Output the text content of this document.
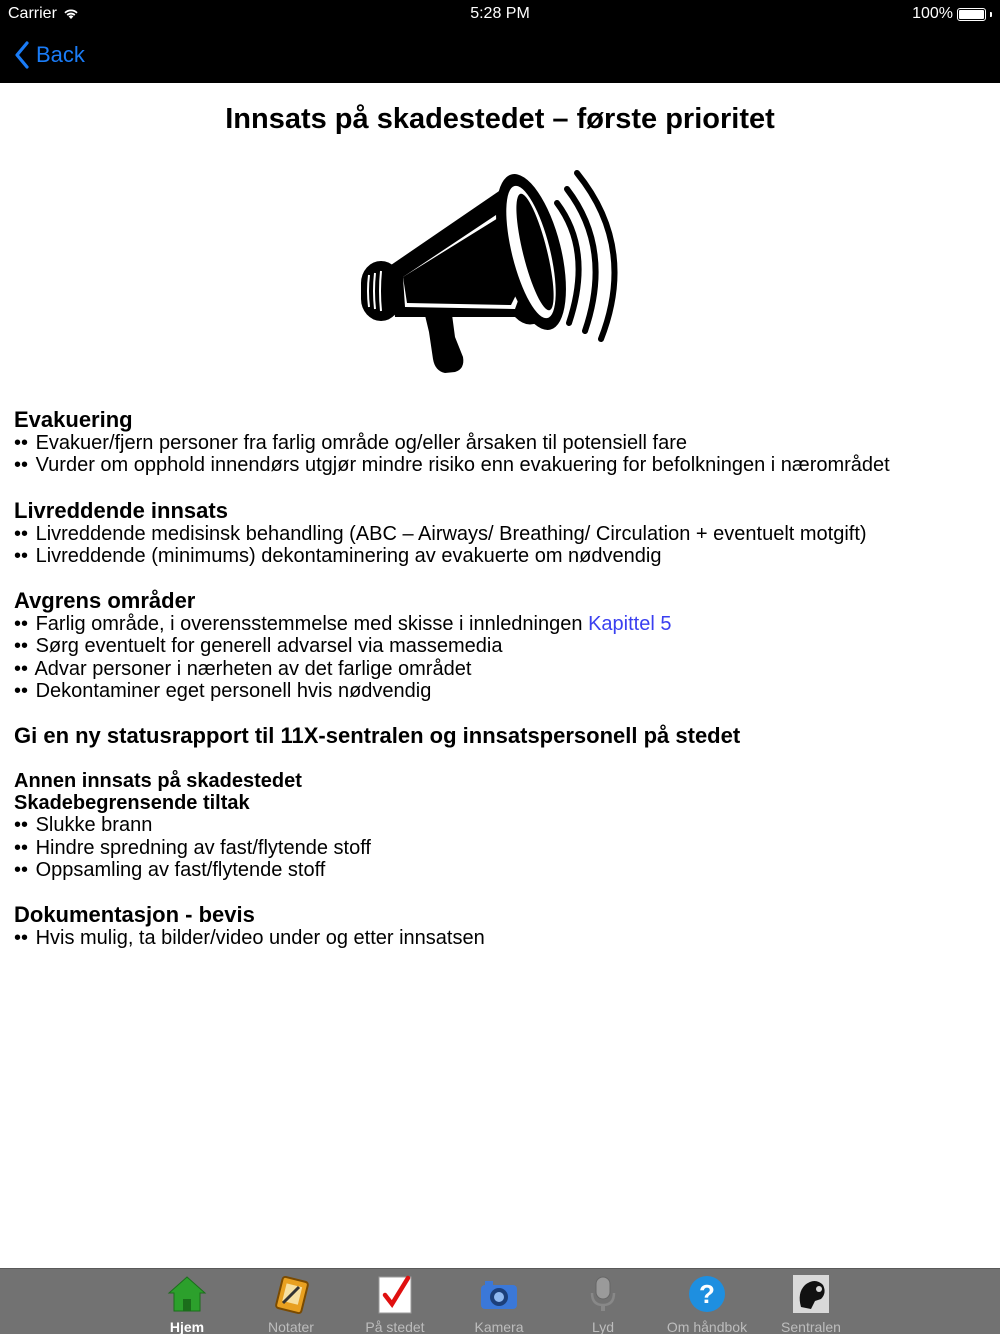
Carrier	5:28 PM	100%
Back
Innsats på skadestedet – første prioritet
Evakuering
•• Evakuer/fjern personer fra farlig område og/eller årsaken til potensiell fare
•• Vurder om opphold innendørs utgjør mindre risiko enn evakuering for befolkningen i nærområdet
Livreddende innsats
•• Livreddende medisinsk behandling (ABC – Airways/ Breathing/ Circulation + eventuelt motgift)
•• Livreddende (minimums) dekontaminering av evakuerte om nødvendig
Avgrens områder
•• Farlig område, i overensstemmelse med skisse i innledningen Kapittel 5
•• Sørg eventuelt for generell advarsel via massemedia
•• Advar personer i nærheten av det farlige området
•• Dekontaminer eget personell hvis nødvendig
Gi en ny statusrapport til 11X-sentralen og innsatspersonell på stedet
Annen innsats på skadestedet
Skadebegrensende tiltak
•• Slukke brann
•• Hindre spredning av fast/flytende stoff
•• Oppsamling av fast/flytende stoff
Dokumentasjon - bevis
•• Hvis mulig, ta bilder/video under og etter innsatsen
Hjem	Notater	På stedet	Kamera	Lyd
?
Om håndbok	Sentralen
